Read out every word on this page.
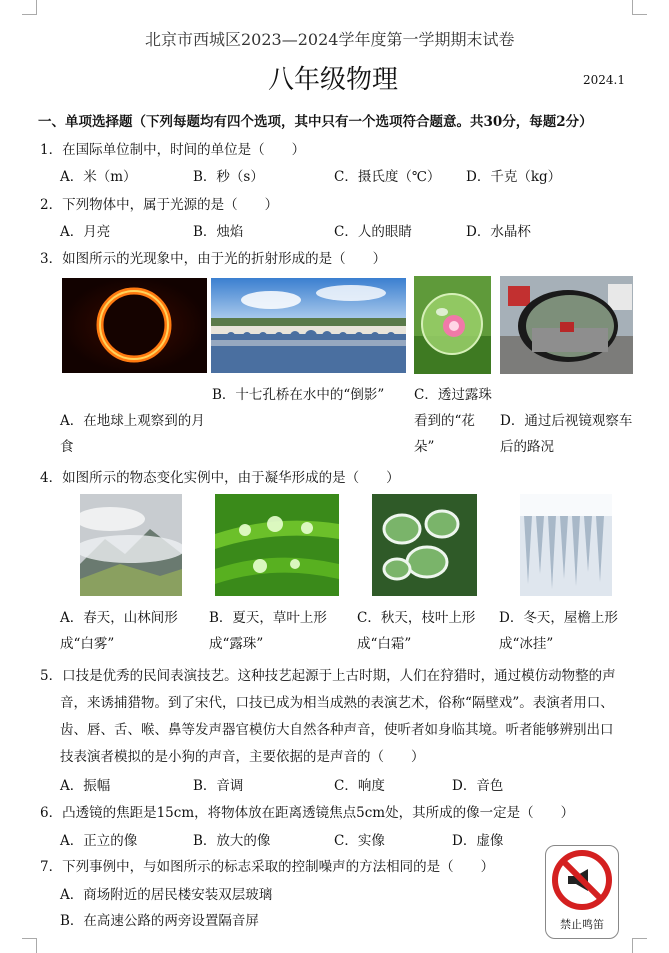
北京市西城区2023—2024学年度第一学期期末试卷
八年级物理	2024.1
一、单项选择题（下列每题均有四个选项，其中只有一个选项符合题意。共30分，每题2分）
1．在国际单位制中，时间的单位是（　　）
A．米（m）	B．秒（s）	C．摄氏度（℃） D．千克（kg）
2．下列物体中，属于光源的是（　　）
A．月亮	B．烛焰	C．人的眼睛	D．水晶杯
3．如图所示的光现象中，由于光的折射形成的是（　　）
A．在地球上观察到的月食
B．十七孔桥在水中的“倒影”	C．透过露珠看到的“花朵”
D．通过后视镜观察车后的路况
4．如图所示的物态变化实例中，由于凝华形成的是（　　）
A．春天，山林间形成“白雾”
B．夏天，草叶上形成“露珠”
C．秋天，枝叶上形成“白霜”
D．冬天，屋檐上形成“冰挂”
5．口技是优秀的民间表演技艺。这种技艺起源于上古时期，人们在狩猎时，通过模仿动物整的声
音，来诱捕猎物。到了宋代，口技已成为相当成熟的表演艺术，俗称“隔壁戏”。表演者用口、
齿、唇、舌、喉、鼻等发声器官模仿大自然各种声音，使听者如身临其境。听者能够辨别出口
技表演者模拟的是小狗的声音，主要依据的是声音的（　　）
A．振幅	B．音调	C．响度	D．音色
6．凸透镜的焦距是15cm，将物体放在距离透镜焦点5cm处，其所成的像一定是（　　）
A．正立的像	B．放大的像	C．实像	D．虚像
7．下列事例中，与如图所示的标志采取的控制噪声的方法相同的是（　　）
A．商场附近的居民楼安装双层玻璃
B．在高速公路的两旁设置隔音屏	禁止鸣笛
